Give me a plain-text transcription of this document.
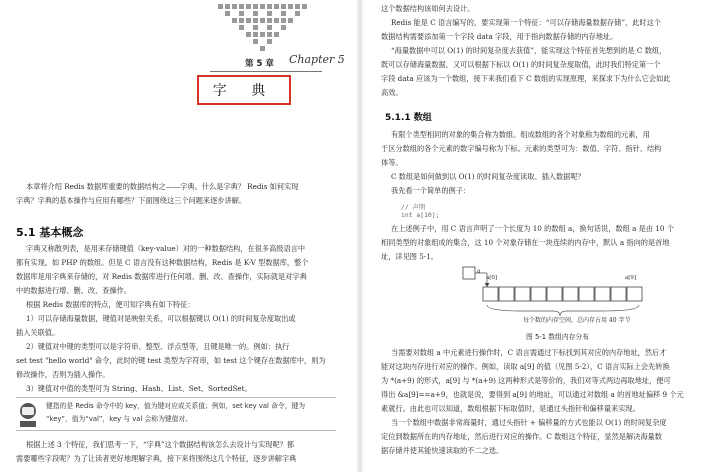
第 5 章 Chapter 5
字 典
本章将介绍 Redis 数据库重要的数据结构之——字典。什么是字典？ Redis 如何实现
字典？字典的基本操作与应用有哪些？下面围绕这三个问题来逐步讲解。
5.1 基本概念
字典又称散列表，是用来存储键值（key-value）对的一种数据结构，在很多高级语言中
都有实现，如 PHP 的数组。但是 C 语言没有这种数据结构，Redis 是 K-V 型数据库，整个
数据库是用字典来存储的，对 Redis 数据库进行任何增、删、改、查操作，实际就是对字典
中的数据进行增、删、改、查操作。
根据 Redis 数据库的特点，便可知字典有如下特征：
1）可以存储海量数据，键值对是映射关系，可以根据键以 O(1) 的时间复杂度取出或
插入关联值。
2）键值对中键的类型可以是字符串、整型、浮点型等，且键是唯一的。例如：执行
set test "hello world" 命令，此时的键 test 类型为字符串，如 test 这个键存在数据库中，则为
修改操作，否则为插入操作。
3）键值对中值的类型可为 String、Hash、List、Set、SortedSet。
键指的是 Redis 命令中的 key，值为键对应或关系值；例如，set key val 命令，键为
“key”，值为“val”，key 与 val 会称为键值对。
根据上述 3 个特征，我们思考一下，“字典”这个数据结构该怎么去设计与实现呢？都
需要哪些字段呢？为了让读者更好地理解字典，接下来将围绕这几个特征，逐步讲解字典
这个数据结构该如何去设计。
Redis 能是 C 语言编写的，要实现第一个特征：“可以存储海量数据存储”，此时这个
数据结构需要添加第一个字段 data 字段，用于指向数据存储的内存地址。
“海量数据中可以 O(1) 的时间复杂度去获值”，能实现这个特征首先想到的是 C 数组，
既可以存储海量数据，又可以根据下标以 O(1) 的时间复杂度取值，此时我们特定第一个
字段 data 应该为一个数组，接下来我们看下 C 数组的实现原理，来探求下为什么它会如此
高效。
5.1.1 数组
有限个类型相同的对象的集合称为数组。组成数组的各个对象称为数组的元素，用
于区分数组的各个元素的数字编号称为下标。元素的类型可为：数值、字符、指针、结构
体等。
C 数组是如何做到以 O(1) 的时间复杂度读取、插入数据呢？
我先看一个简单的例子：
// 声明
int a[10];
在上述例子中，用 C 语言声明了一个长度为 10 的数组 a，换句话说，数组 a 是由 10 个
相同类型的对象组成的集合，这 10 个对象存储在一块连续的内存中，默认 a 指向的是首地
址，详见图 5-1。
a
a[0]	a[9]
每个数的内存空间，总内存占用 40 字节
图 5-1 数组内存分布
当需要对数组 a 中元素进行操作时，C 语言需通过下标找到其对应的内存地址，然后才
能对这块内存进行对应的操作。例如，读取 a[9] 的值（见图 5-2），C 语言实际上会先转换
为 *(a+9) 的形式，a[9] 与 *(a+9) 这两种形式是等价的，我们对等式两边再取地址，便可
得出 &a[9]==a+9，也就是说，要得到 a[9] 的地址，可以通过对数组 a 的首地址偏移 9 个元
素就行。由此也可以知道，数组根据下标取值时，是通过头指针和偏移量来实现。
当一个数组中数据非常海量时，通过头指针 + 偏移量的方式也能以 O(1) 的时间复杂度
定位到数据所在的内存地址，然后进行对应的操作。C 数组这个特征，显然是解决海量数
据存储并使其能快速读取的不二之选。
